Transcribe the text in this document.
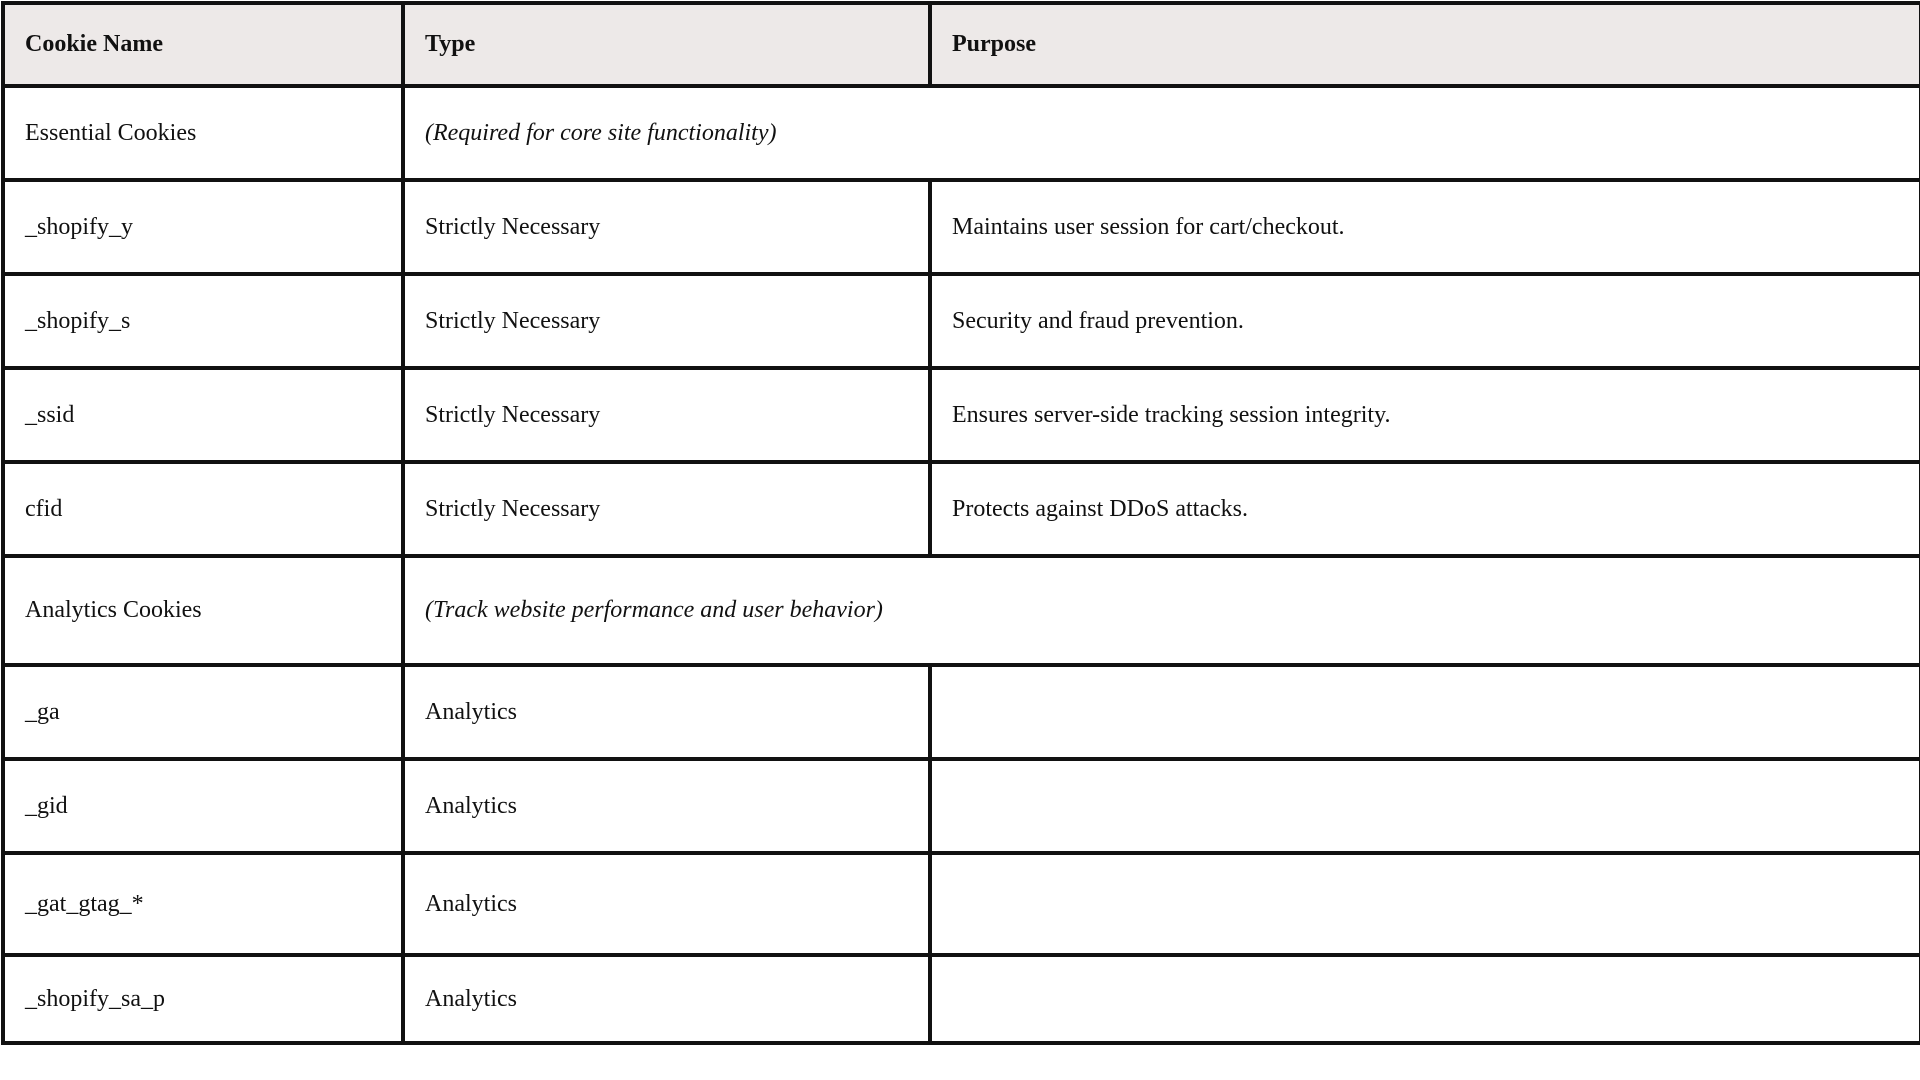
Cookie Name	Type	Purpose
Essential Cookies	(Required for core site functionality)	
_shopify_y	Strictly Necessary	Maintains user session for cart/checkout.
_shopify_s	Strictly Necessary	Security and fraud prevention.
_ssid	Strictly Necessary	Ensures server-side tracking session integrity.
cfid	Strictly Necessary	Protects against DDoS attacks.
Analytics Cookies	(Track website performance and user behavior)	
_ga	Analytics	
_gid	Analytics	
_gat_gtag_*	Analytics	
_shopify_sa_p	Analytics	
